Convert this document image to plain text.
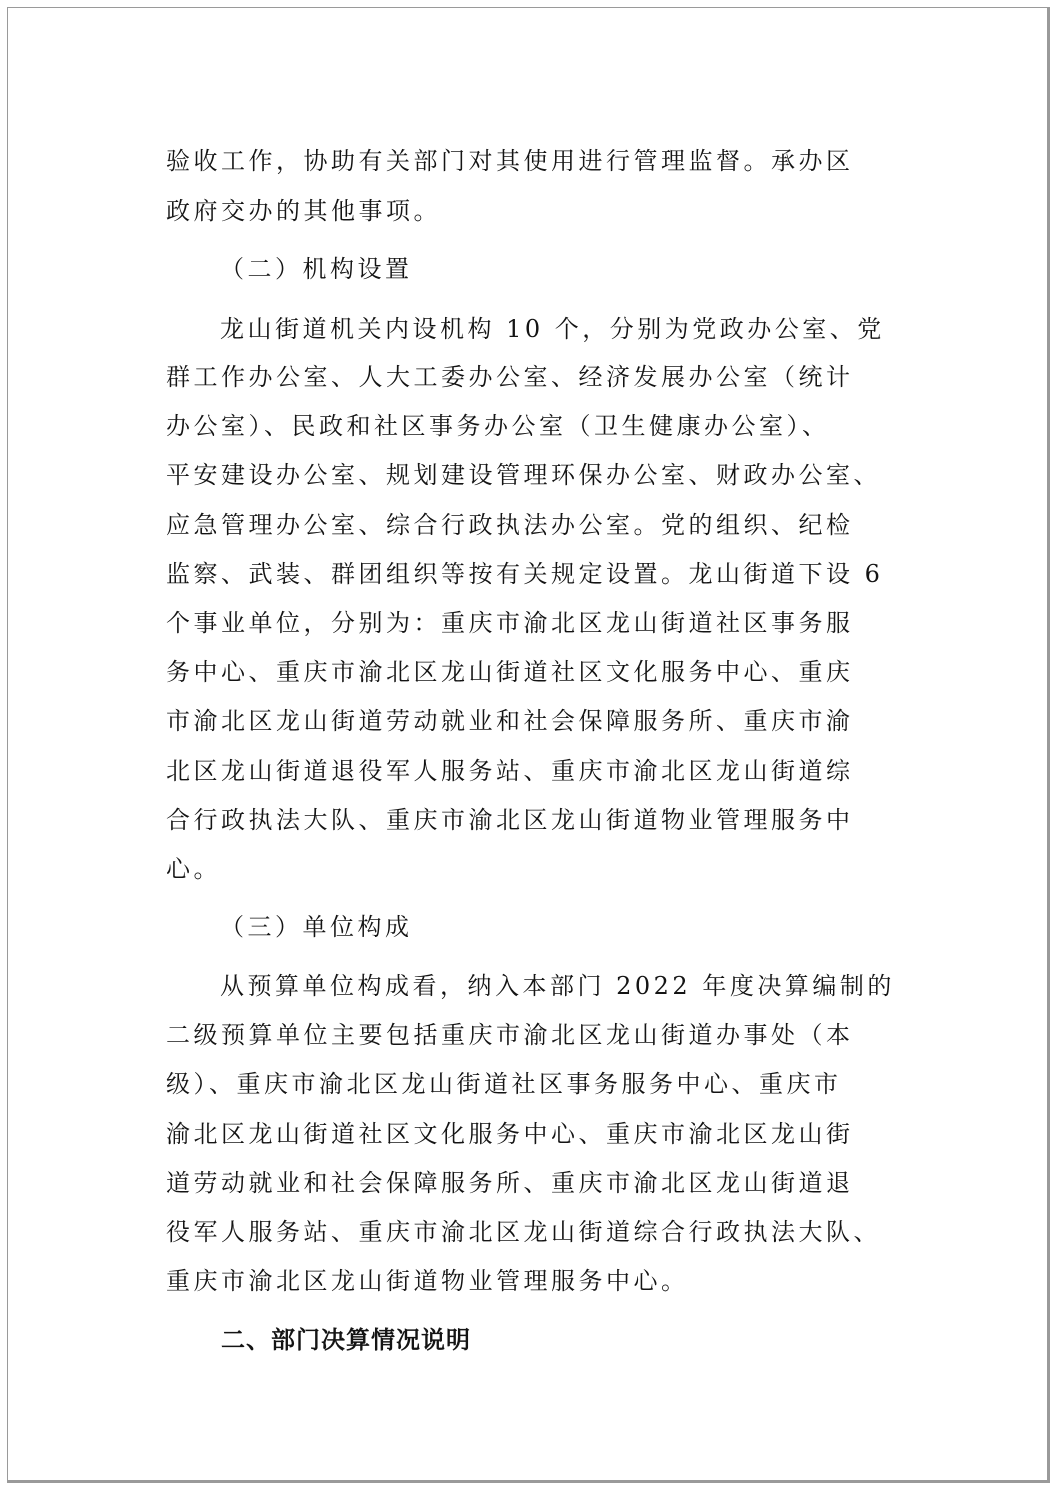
验收工作，协助有关部门对其使用进行管理监督。承办区

政府交办的其他事项。

（二）机构设置

龙山街道机关内设机构 10 个，分别为党政办公室、党

群工作办公室、人大工委办公室、经济发展办公室（统计

办公室）、民政和社区事务办公室（卫生健康办公室）、

平安建设办公室、规划建设管理环保办公室、财政办公室、

应急管理办公室、综合行政执法办公室。党的组织、纪检

监察、武装、群团组织等按有关规定设置。龙山街道下设 6

个事业单位，分别为：重庆市渝北区龙山街道社区事务服

务中心、重庆市渝北区龙山街道社区文化服务中心、重庆

市渝北区龙山街道劳动就业和社会保障服务所、重庆市渝

北区龙山街道退役军人服务站、重庆市渝北区龙山街道综

合行政执法大队、重庆市渝北区龙山街道物业管理服务中

心。

（三）单位构成

从预算单位构成看，纳入本部门 2022 年度决算编制的

二级预算单位主要包括重庆市渝北区龙山街道办事处（本

级）、重庆市渝北区龙山街道社区事务服务中心、重庆市

渝北区龙山街道社区文化服务中心、重庆市渝北区龙山街

道劳动就业和社会保障服务所、重庆市渝北区龙山街道退

役军人服务站、重庆市渝北区龙山街道综合行政执法大队、

重庆市渝北区龙山街道物业管理服务中心。

二、部门决算情况说明
